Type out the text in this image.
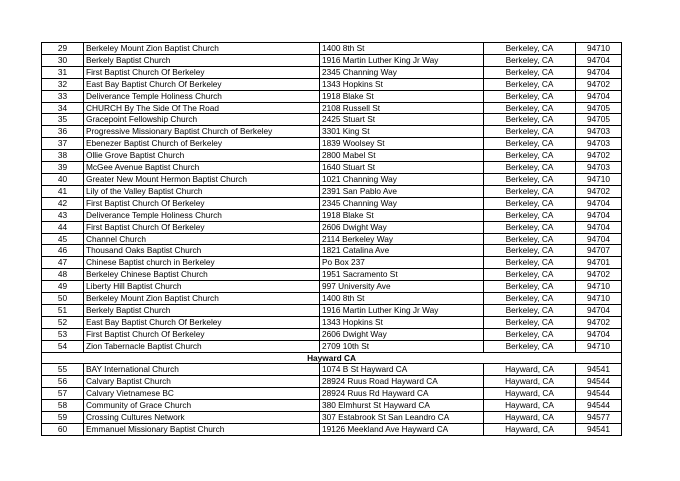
29	Berkeley Mount Zion Baptist Church	1400 8th St	Berkeley, CA	94710
30	Berkely Baptist Church	1916 Martin Luther King Jr Way	Berkeley, CA	94704
31	First Baptist Church Of Berkeley	2345 Channing Way	Berkeley, CA	94704
32	East Bay Baptist Church Of Berkeley	1343 Hopkins St	Berkeley, CA	94702
33	Deliverance Temple Holiness Church	1918 Blake St	Berkeley, CA	94704
34	CHURCH By The Side Of The Road	2108 Russell St	Berkeley, CA	94705
35	Gracepoint Fellowship Church	2425 Stuart St	Berkeley, CA	94705
36	Progressive Missionary Baptist Church of Berkeley	3301 King St	Berkeley, CA	94703
37	Ebenezer Baptist Church of Berkeley	1839 Woolsey St	Berkeley, CA	94703
38	Ollie Grove Baptist Church	2800 Mabel St	Berkeley, CA	94702
39	McGee Avenue Baptist Church	1640 Stuart St	Berkeley, CA	94703
40	Greater New Mount Hermon Baptist Church	1021 Channing Way	Berkeley, CA	94710
41	Lily of the Valley Baptist Church	2391 San Pablo Ave	Berkeley, CA	94702
42	First Baptist Church Of Berkeley	2345 Channing Way	Berkeley, CA	94704
43	Deliverance Temple Holiness Church	1918 Blake St	Berkeley, CA	94704
44	First Baptist Church Of Berkeley	2606 Dwight Way	Berkeley, CA	94704
45	Channel Church	2114 Berkeley Way	Berkeley, CA	94704
46	Thousand Oaks Baptist Church	1821 Catalina Ave	Berkeley, CA	94707
47	Chinese Baptist church in Berkeley	Po Box 237	Berkeley, CA	94701
48	Berkeley Chinese Baptist Church	1951 Sacramento St	Berkeley, CA	94702
49	Liberty Hill Baptist Church	997 University Ave	Berkeley, CA	94710
50	Berkeley Mount Zion Baptist Church	1400 8th St	Berkeley, CA	94710
51	Berkely Baptist Church	1916 Martin Luther King Jr Way	Berkeley, CA	94704
52	East Bay Baptist Church Of Berkeley	1343 Hopkins St	Berkeley, CA	94702
53	First Baptist Church Of Berkeley	2606 Dwight Way	Berkeley, CA	94704
54	Zion Tabernacle Baptist Church	2709 10th St	Berkeley, CA	94710
Hayward CA				
55	BAY International Church	1074 B St Hayward CA	Hayward, CA	94541
56	Calvary Baptist Church	28924 Ruus Road Hayward CA	Hayward, CA	94544
57	Calvary Vietnamese BC	28924 Ruus Rd Hayward CA	Hayward, CA	94544
58	Community of Grace Church	380 Elmhurst St Hayward CA	Hayward, CA	94544
59	Crossing Cultures Network	307 Estabrook St San Leandro CA	Hayward, CA	94577
60	Emmanuel Missionary Baptist Church	19126 Meekland Ave Hayward CA	Hayward, CA	94541
